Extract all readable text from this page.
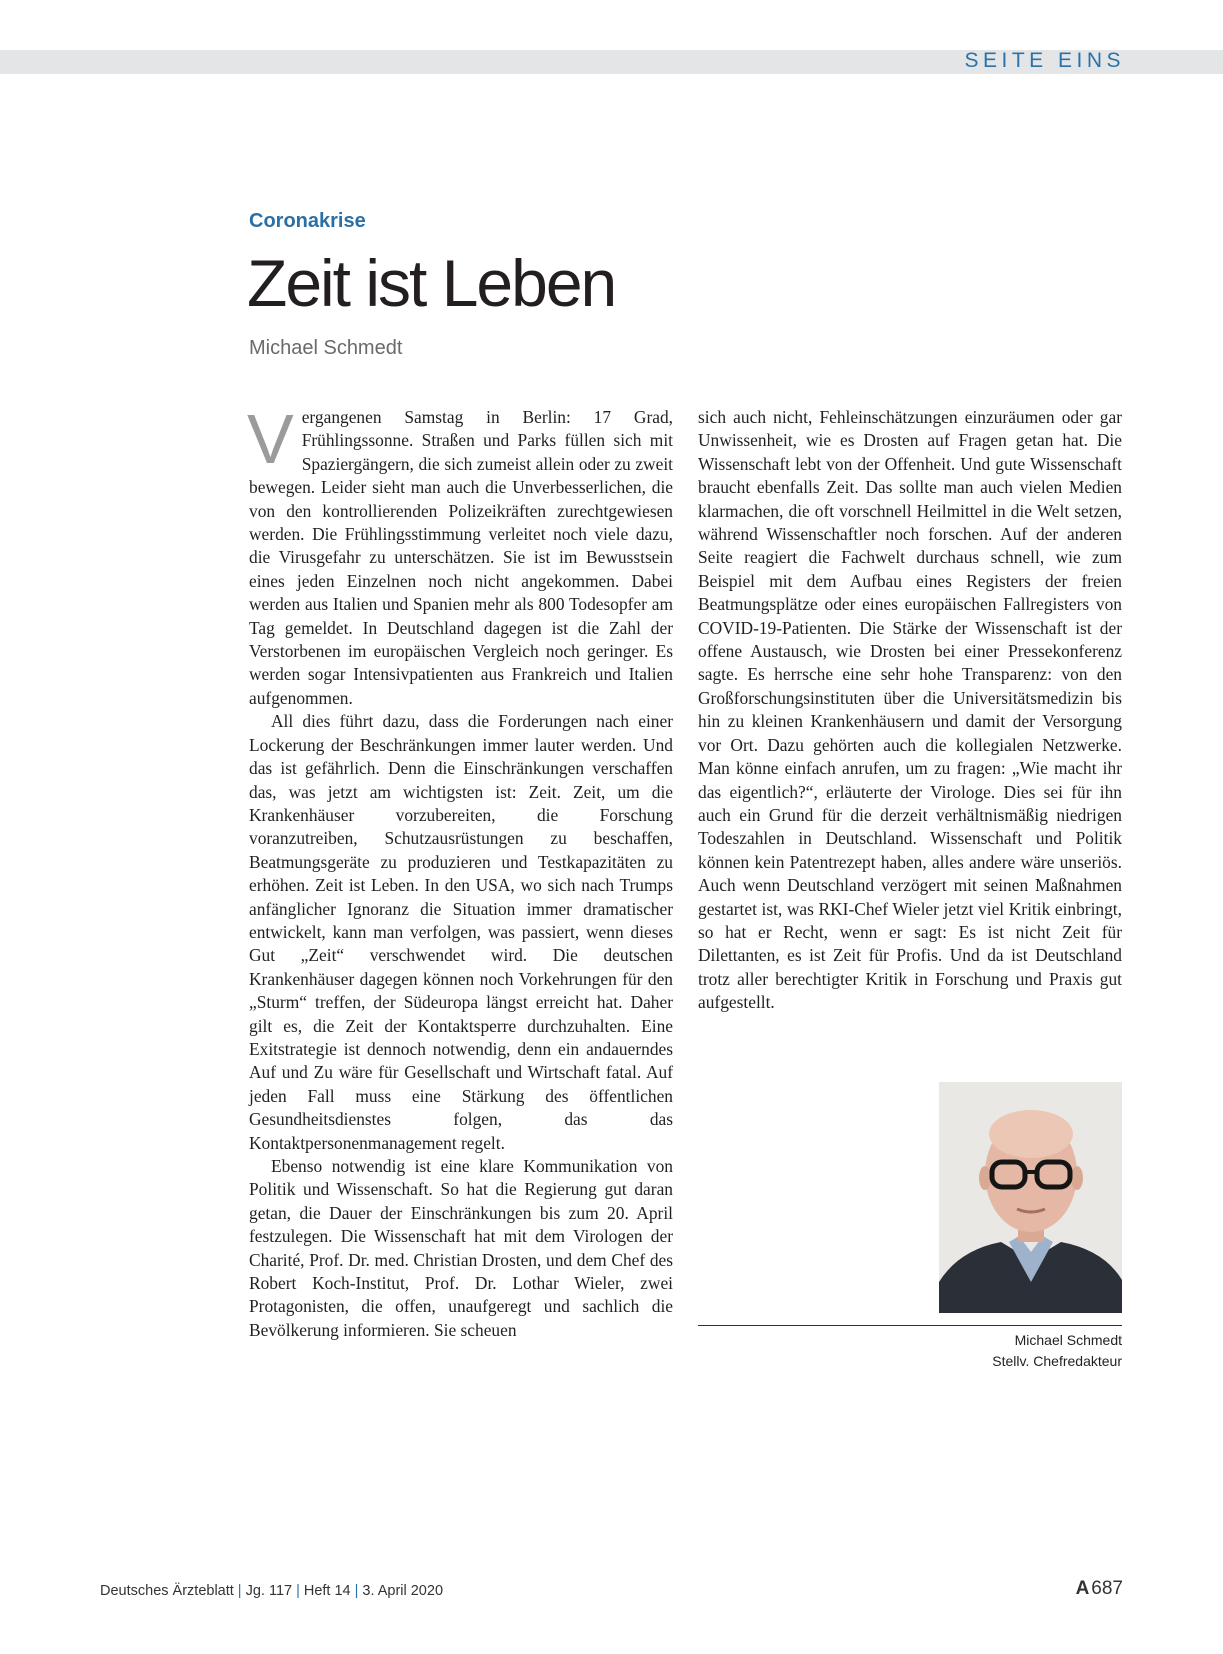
SEITE EINS
Coronakrise
Zeit ist Leben
Michael Schmedt

Vergangenen Samstag in Berlin: 17 Grad, Frühlingssonne. Straßen und Parks füllen sich mit Spaziergängern, die sich zumeist allein oder zu zweit bewegen. Leider sieht man auch die Unverbesserlichen, die von den kontrollierenden Polizeikräften zurechtgewiesen werden. Die Frühlingsstimmung verleitet noch viele dazu, die Virusgefahr zu unterschätzen. Sie ist im Bewusstsein eines jeden Einzelnen noch nicht angekommen. Dabei werden aus Italien und Spanien mehr als 800 Todesopfer am Tag gemeldet. In Deutschland dagegen ist die Zahl der Verstorbenen im europäischen Vergleich noch geringer. Es werden sogar Intensivpatienten aus Frankreich und Italien aufgenommen.

All dies führt dazu, dass die Forderungen nach einer Lockerung der Beschränkungen immer lauter werden. Und das ist gefährlich. Denn die Einschränkungen verschaffen das, was jetzt am wichtigsten ist: Zeit. Zeit, um die Krankenhäuser vorzubereiten, die Forschung voranzutreiben, Schutzausrüstungen zu beschaffen, Beatmungsgeräte zu produzieren und Testkapazitäten zu erhöhen. Zeit ist Leben. In den USA, wo sich nach Trumps anfänglicher Ignoranz die Situation immer dramatischer entwickelt, kann man verfolgen, was passiert, wenn dieses Gut „Zeit“ verschwendet wird. Die deutschen Krankenhäuser dagegen können noch Vorkehrungen für den „Sturm“ treffen, der Südeuropa längst erreicht hat. Daher gilt es, die Zeit der Kontaktsperre durchzuhalten. Eine Exitstrategie ist dennoch notwendig, denn ein andauerndes Auf und Zu wäre für Gesellschaft und Wirtschaft fatal. Auf jeden Fall muss eine Stärkung des öffentlichen Gesundheitsdienstes folgen, das das Kontaktpersonenmanagement regelt.

Ebenso notwendig ist eine klare Kommunikation von Politik und Wissenschaft. So hat die Regierung gut daran getan, die Dauer der Einschränkungen bis zum 20. April festzulegen. Die Wissenschaft hat mit dem Virologen der Charité, Prof. Dr. med. Christian Drosten, und dem Chef des Robert Koch-Institut, Prof. Dr. Lothar Wieler, zwei Protagonisten, die offen, unaufgeregt und sachlich die Bevölkerung informieren. Sie scheuen

sich auch nicht, Fehleinschätzungen einzuräumen oder gar Unwissenheit, wie es Drosten auf Fragen getan hat. Die Wissenschaft lebt von der Offenheit. Und gute Wissenschaft braucht ebenfalls Zeit. Das sollte man auch vielen Medien klarmachen, die oft vorschnell Heilmittel in die Welt setzen, während Wissenschaftler noch forschen. Auf der anderen Seite reagiert die Fachwelt durchaus schnell, wie zum Beispiel mit dem Aufbau eines Registers der freien Beatmungsplätze oder eines europäischen Fallregisters von COVID-19-Patienten. Die Stärke der Wissenschaft ist der offene Austausch, wie Drosten bei einer Pressekonferenz sagte. Es herrsche eine sehr hohe Transparenz: von den Großforschungsinstituten über die Universitätsmedizin bis hin zu kleinen Krankenhäusern und damit der Versorgung vor Ort. Dazu gehörten auch die kollegialen Netzwerke. Man könne einfach anrufen, um zu fragen: „Wie macht ihr das eigentlich?“, erläuterte der Virologe. Dies sei für ihn auch ein Grund für die derzeit verhältnismäßig niedrigen Todeszahlen in Deutschland. Wissenschaft und Politik können kein Patentrezept haben, alles andere wäre unseriös. Auch wenn Deutschland verzögert mit seinen Maßnahmen gestartet ist, was RKI-Chef Wieler jetzt viel Kritik einbringt, so hat er Recht, wenn er sagt: Es ist nicht Zeit für Dilettanten, es ist Zeit für Profis. Und da ist Deutschland trotz aller berechtigter Kritik in Forschung und Praxis gut aufgestellt.

Michael Schmedt
Stellv. Chefredakteur
Deutsches Ärzteblatt | Jg. 117 | Heft 14 | 3. April 2020	A 687
